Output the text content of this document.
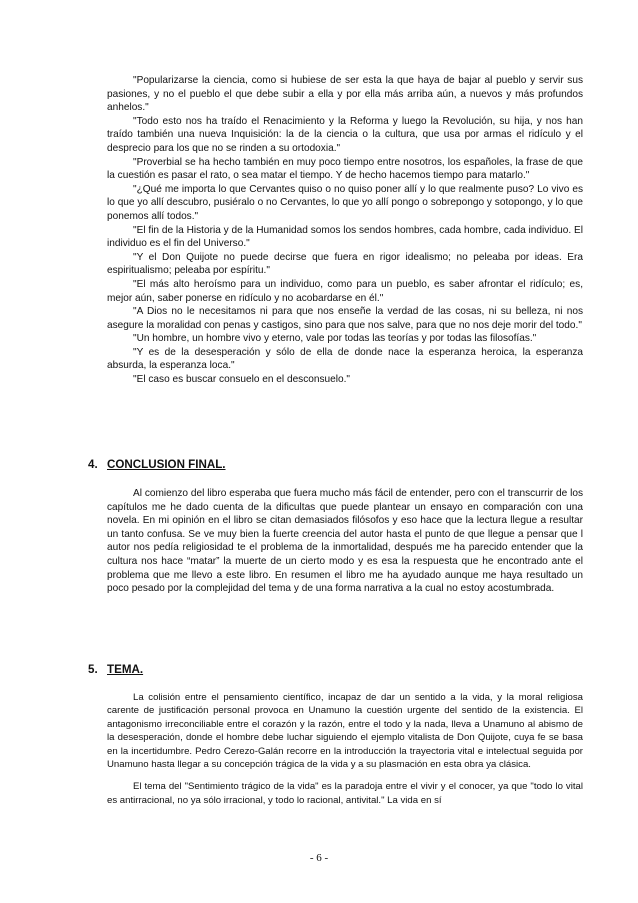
"Popularizarse la ciencia, como si hubiese de ser esta la que haya de bajar al pueblo y servir sus pasiones, y no el pueblo el que debe subir a ella y por ella más arriba aún, a nuevos y más profundos anhelos."

"Todo esto nos ha traído el Renacimiento y la Reforma y luego la Revolución, su hija, y nos han traído también una nueva Inquisición: la de la ciencia o la cultura, que usa por armas el ridículo y el desprecio para los que no se rinden a su ortodoxia."

"Proverbial se ha hecho también en muy poco tiempo entre nosotros, los españoles, la frase de que la cuestión es pasar el rato, o sea matar el tiempo. Y de hecho hacemos tiempo para matarlo."

"¿Qué me importa lo que Cervantes quiso o no quiso poner allí y lo que realmente puso? Lo vivo es lo que yo allí descubro, pusiéralo o no Cervantes, lo que yo allí pongo o sobrepongo y sotopongo, y lo que ponemos allí todos."

"El fin de la Historia y de la Humanidad somos los sendos hombres, cada hombre, cada individuo. El individuo es el fin del Universo."

"Y el Don Quijote no puede decirse que fuera en rigor idealismo; no peleaba por ideas. Era espiritualismo; peleaba por espíritu."

"El más alto heroísmo para un individuo, como para un pueblo, es saber afrontar el ridículo; es, mejor aún, saber ponerse en ridículo y no acobardarse en él."

"A Dios no le necesitamos ni para que nos enseñe la verdad de las cosas, ni su belleza, ni nos asegure la moralidad con penas y castigos, sino para que nos salve, para que no nos deje morir del todo."

"Un hombre, un hombre vivo y eterno, vale por todas las teorías y por todas las filosofías."

"Y es de la desesperación y sólo de ella de donde nace la esperanza heroica, la esperanza absurda, la esperanza loca."

"El caso es buscar consuelo en el desconsuelo."

4. CONCLUSION FINAL.

Al comienzo del libro esperaba que fuera mucho más fácil de entender, pero con el transcurrir de los capítulos me he dado cuenta de la dificultas que puede plantear un ensayo en comparación con una novela. En mi opinión en el libro se citan demasiados filósofos y eso hace que la lectura llegue a resultar un tanto confusa. Se ve muy bien la fuerte creencia del autor hasta el punto de que llegue a pensar que l autor nos pedía religiosidad te el problema de la inmortalidad, después me ha parecido entender que la cultura nos hace “matar” la muerte de un cierto modo y es esa la respuesta que he encontrado ante el problema que me llevo a este libro. En resumen el libro me ha ayudado aunque me haya resultado un poco pesado por la complejidad del tema y de una forma narrativa a la cual no estoy acostumbrada.

5. TEMA.

La colisión entre el pensamiento científico, incapaz de dar un sentido a la vida, y la moral religiosa carente de justificación personal provoca en Unamuno la cuestión urgente del sentido de la existencia. El antagonismo irreconciliable entre el corazón y la razón, entre el todo y la nada, lleva a Unamuno al abismo de la desesperación, donde el hombre debe luchar siguiendo el ejemplo vitalista de Don Quijote, cuya fe se basa en la incertidumbre. Pedro Cerezo-Galán recorre en la introducción la trayectoria vital e intelectual seguida por Unamuno hasta llegar a su concepción trágica de la vida y a su plasmación en esta obra ya clásica.

El tema del "Sentimiento trágico de la vida" es la paradoja entre el vivir y el conocer, ya que "todo lo vital es antirracional, no ya sólo irracional, y todo lo racional, antivital." La vida en sí

- 6 -
